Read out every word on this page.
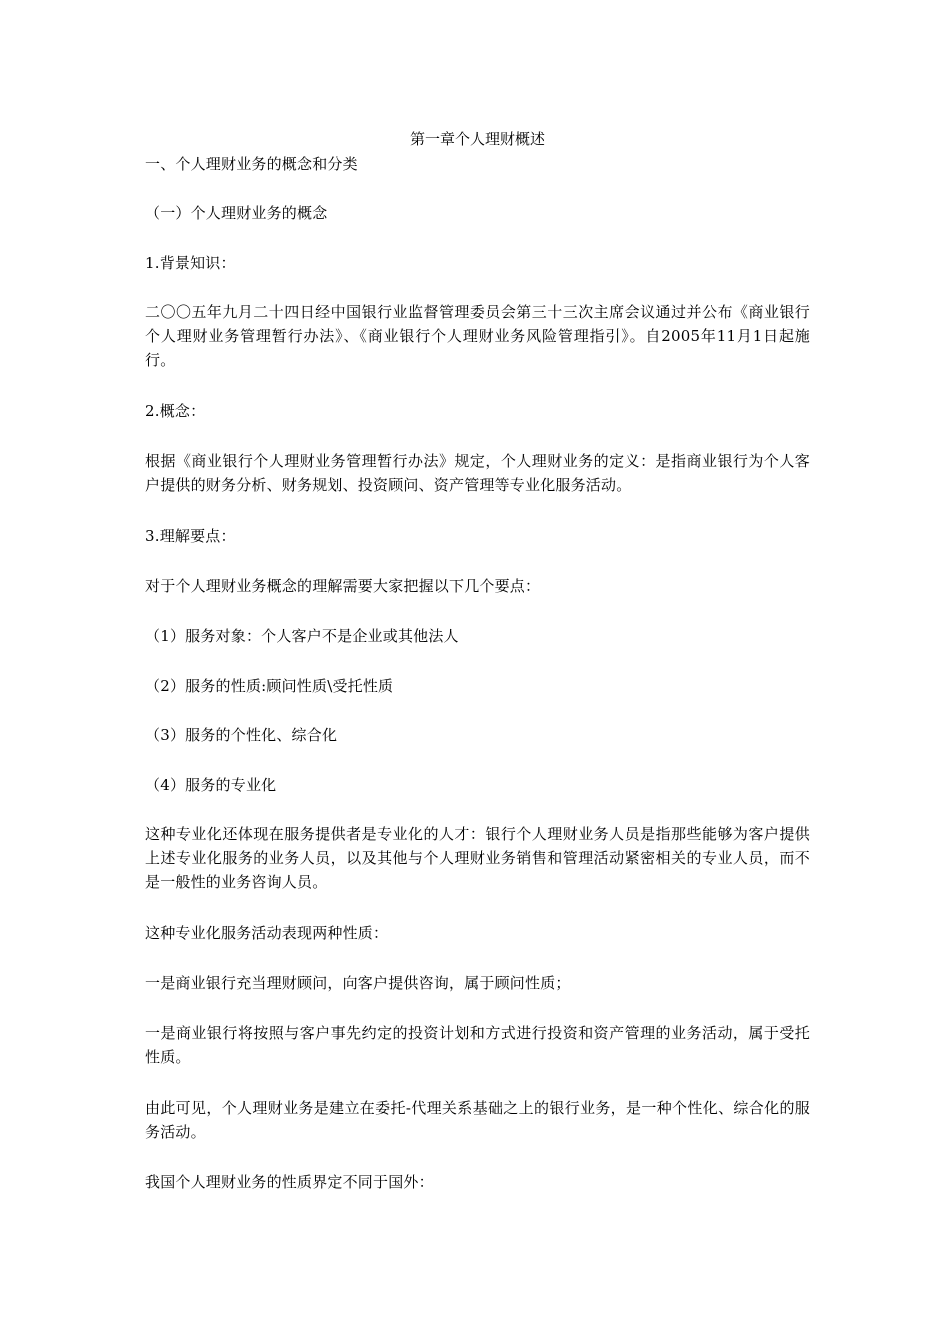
第一章个人理财概述

一、个人理财业务的概念和分类

（一）个人理财业务的概念

1.背景知识：

二〇〇五年九月二十四日经中国银行业监督管理委员会第三十三次主席会议通过并公布《商业银行个人理财业务管理暂行办法》、《商业银行个人理财业务风险管理指引》。自2005年11月1日起施行。

2.概念：

根据《商业银行个人理财业务管理暂行办法》规定，个人理财业务的定义：是指商业银行为个人客户提供的财务分析、财务规划、投资顾问、资产管理等专业化服务活动。

3.理解要点：

对于个人理财业务概念的理解需要大家把握以下几个要点：

（1）服务对象：个人客户不是企业或其他法人

（2）服务的性质:顾问性质\受托性质

（3）服务的个性化、综合化

（4）服务的专业化

这种专业化还体现在服务提供者是专业化的人才：银行个人理财业务人员是指那些能够为客户提供上述专业化服务的业务人员，以及其他与个人理财业务销售和管理活动紧密相关的专业人员，而不是一般性的业务咨询人员。

这种专业化服务活动表现两种性质：

一是商业银行充当理财顾问，向客户提供咨询，属于顾问性质；

一是商业银行将按照与客户事先约定的投资计划和方式进行投资和资产管理的业务活动，属于受托性质。

由此可见，个人理财业务是建立在委托-代理关系基础之上的银行业务，是一种个性化、综合化的服务活动。

我国个人理财业务的性质界定不同于国外：
